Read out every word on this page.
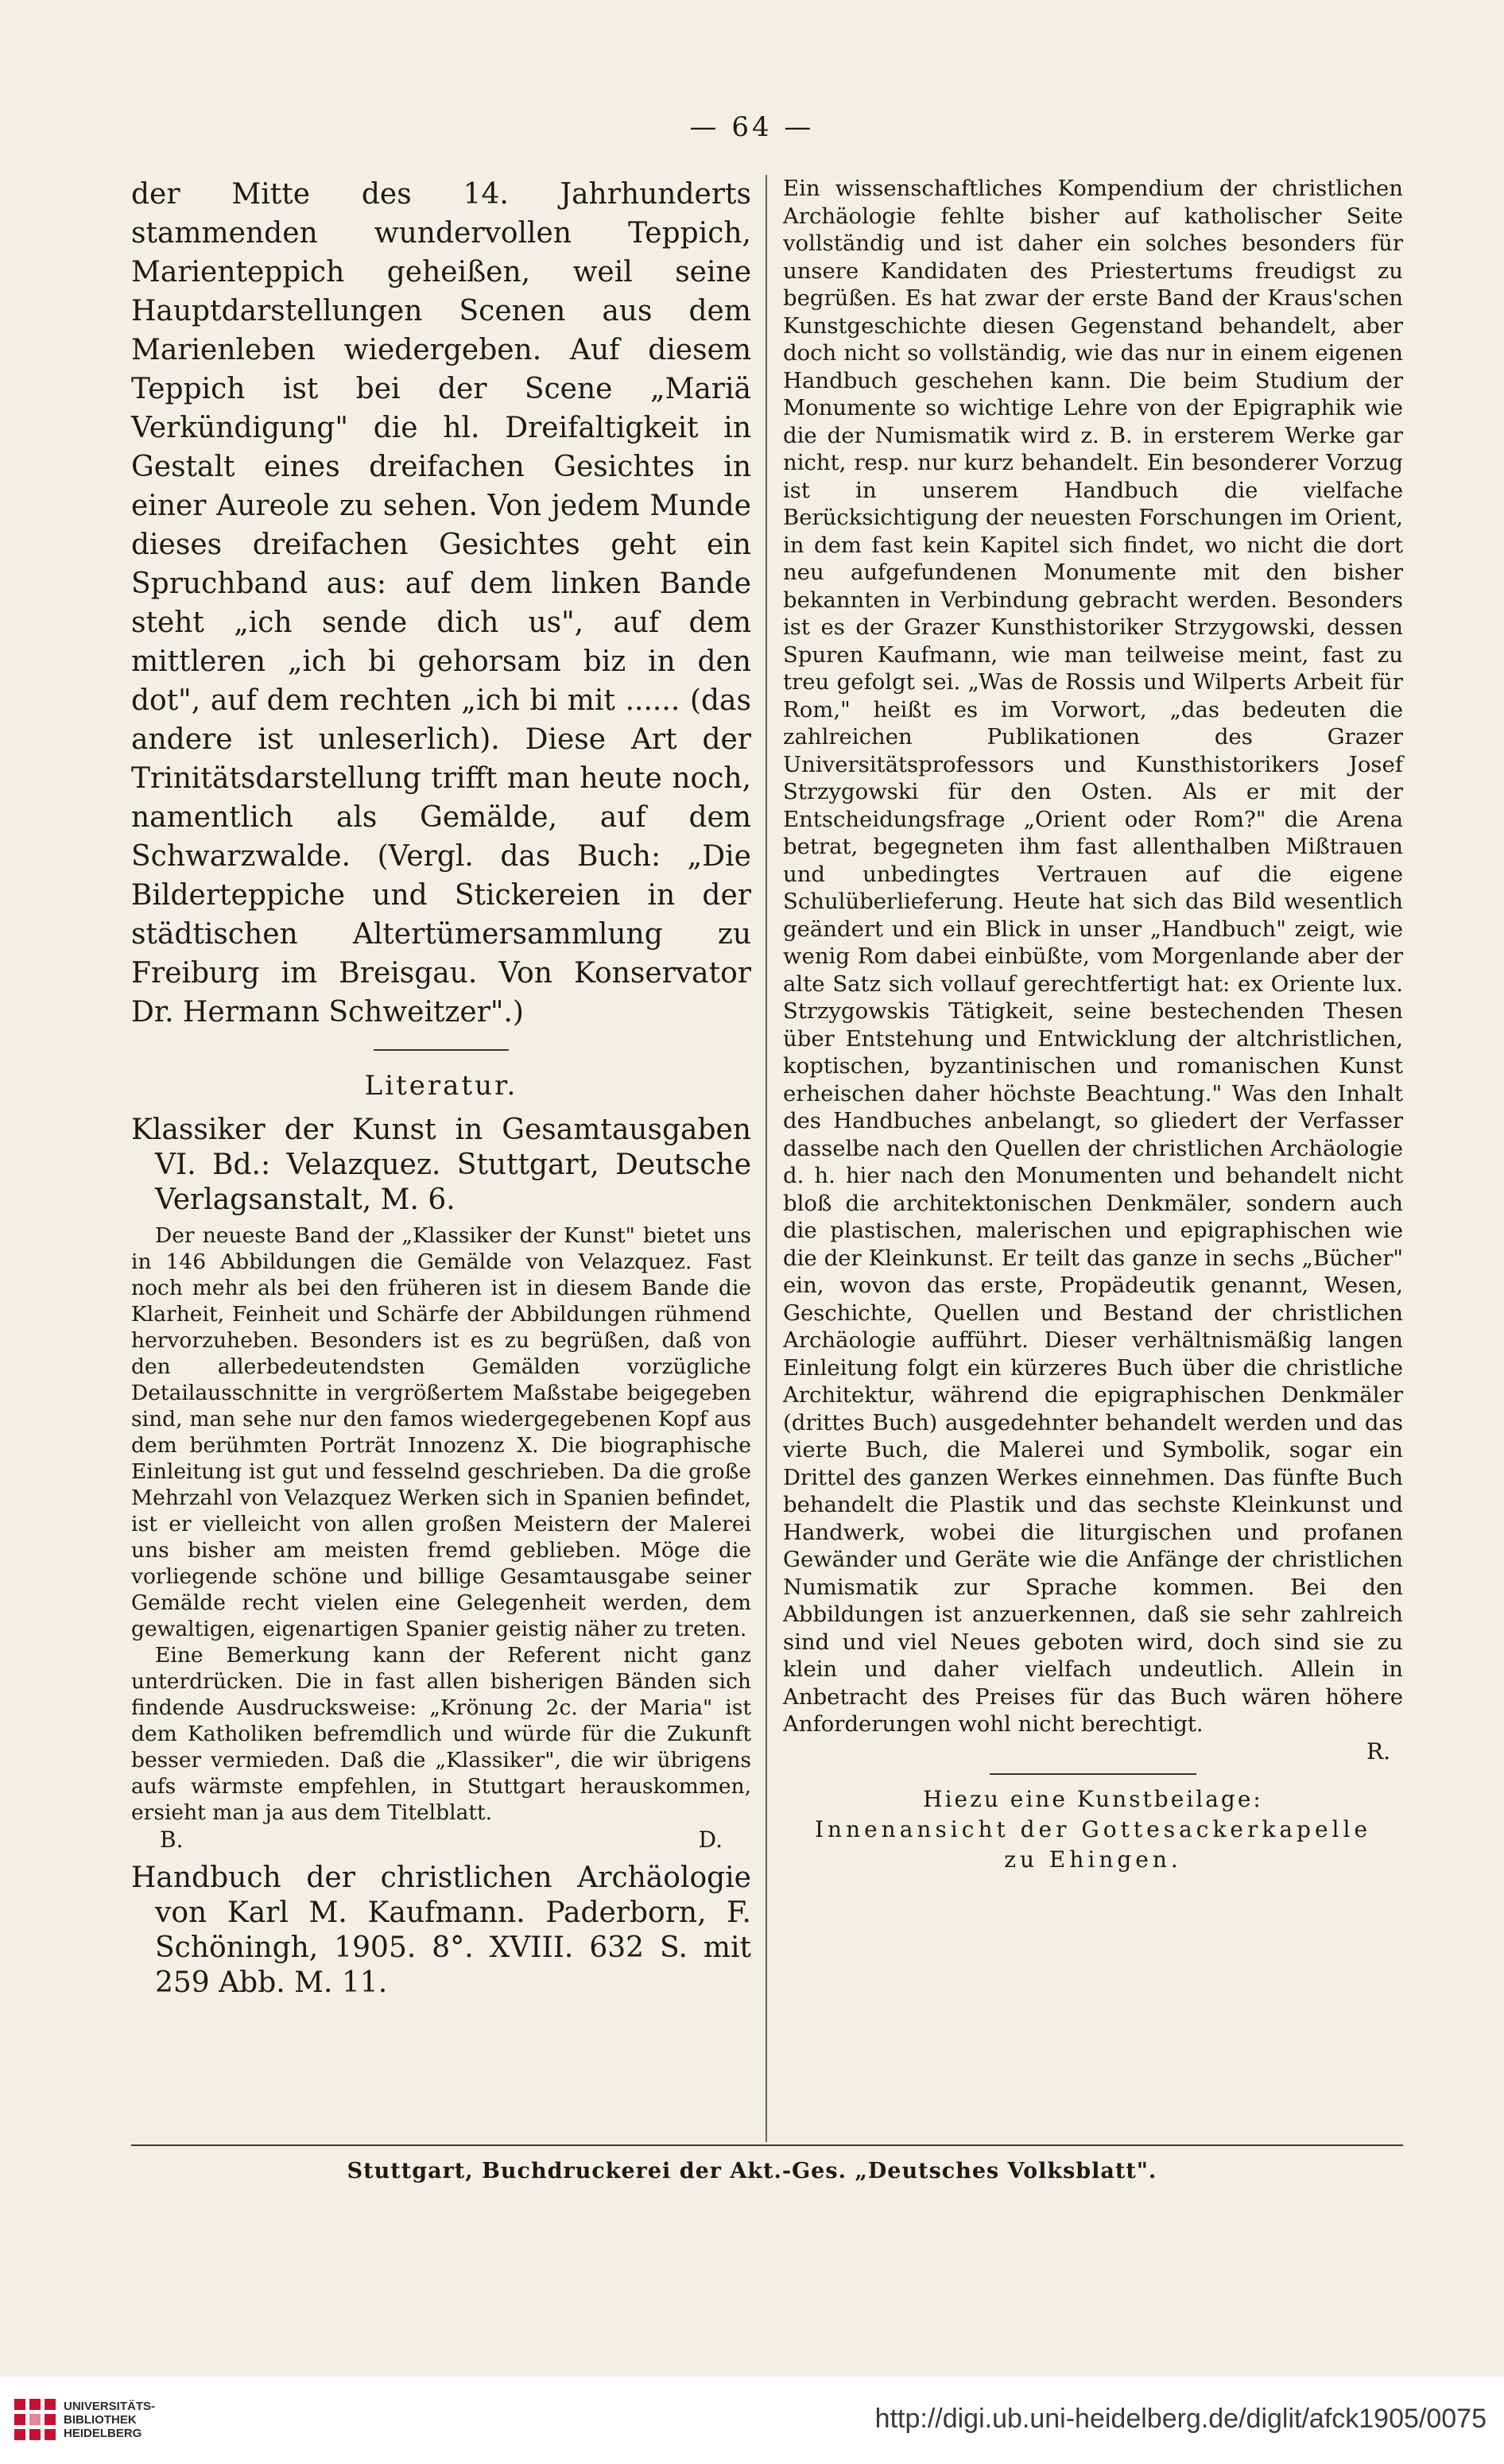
— 64 —

der Mitte des 14. Jahrhunderts stammenden wundervollen Teppich, Marienteppich geheißen, weil seine Hauptdarstellungen Scenen aus dem Marienleben wiedergeben. Auf diesem Teppich ist bei der Scene „Mariä Verkündigung" die hl. Dreifaltigkeit in Gestalt eines dreifachen Gesichtes in einer Aureole zu sehen. Von jedem Munde dieses dreifachen Gesichtes geht ein Spruchband aus: auf dem linken Bande steht „ich sende dich us", auf dem mittleren „ich bi gehorsam biz in den dot", auf dem rechten „ich bi mit ...... (das andere ist unleserlich). Diese Art der Trinitätsdarstellung trifft man heute noch, namentlich als Gemälde, auf dem Schwarzwalde. (Vergl. das Buch: „Die Bilderteppiche und Stickereien in der städtischen Altertümersammlung zu Freiburg im Breisgau. Von Konservator Dr. Hermann Schweitzer".)

Literatur.

Klassiker der Kunst in Gesamtausgaben VI. Bd.: Velazquez. Stuttgart, Deutsche Verlagsanstalt, M. 6.

Der neueste Band der „Klassiker der Kunst" bietet uns in 146 Abbildungen die Gemälde von Velazquez. Fast noch mehr als bei den früheren ist in diesem Bande die Klarheit, Feinheit und Schärfe der Abbildungen rühmend hervorzuheben. Besonders ist es zu begrüßen, daß von den allerbedeutendsten Gemälden vorzügliche Detailausschnitte in vergrößertem Maßstabe beigegeben sind, man sehe nur den famos wiedergegebenen Kopf aus dem berühmten Porträt Innozenz X. Die biographische Einleitung ist gut und fesselnd geschrieben. Da die große Mehrzahl von Velazquez Werken sich in Spanien befindet, ist er vielleicht von allen großen Meistern der Malerei uns bisher am meisten fremd geblieben. Möge die vorliegende schöne und billige Gesamtausgabe seiner Gemälde recht vielen eine Gelegenheit werden, dem gewaltigen, eigenartigen Spanier geistig näher zu treten.

Eine Bemerkung kann der Referent nicht ganz unterdrücken. Die in fast allen bisherigen Bänden sich findende Ausdrucksweise: „Krönung 2c. der Maria" ist dem Katholiken befremdlich und würde für die Zukunft besser vermieden. Daß die „Klassiker", die wir übrigens aufs wärmste empfehlen, in Stuttgart herauskommen, ersieht man ja aus dem Titelblatt.

B.	D.

Handbuch der christlichen Archäologie von Karl M. Kaufmann. Paderborn, F. Schöningh, 1905. 8°. XVIII. 632 S. mit 259 Abb. M. 11.

Ein wissenschaftliches Kompendium der christlichen Archäologie fehlte bisher auf katholischer Seite vollständig und ist daher ein solches besonders für unsere Kandidaten des Priestertums freudigst zu begrüßen. Es hat zwar der erste Band der Kraus'schen Kunstgeschichte diesen Gegenstand behandelt, aber doch nicht so vollständig, wie das nur in einem eigenen Handbuch geschehen kann. Die beim Studium der Monumente so wichtige Lehre von der Epigraphik wie die der Numismatik wird z. B. in ersterem Werke gar nicht, resp. nur kurz behandelt. Ein besonderer Vorzug ist in unserem Handbuch die vielfache Berücksichtigung der neuesten Forschungen im Orient, in dem fast kein Kapitel sich findet, wo nicht die dort neu aufgefundenen Monumente mit den bisher bekannten in Verbindung gebracht werden. Besonders ist es der Grazer Kunsthistoriker Strzygowski, dessen Spuren Kaufmann, wie man teilweise meint, fast zu treu gefolgt sei. „Was de Rossis und Wilperts Arbeit für Rom," heißt es im Vorwort, „das bedeuten die zahlreichen Publikationen des Grazer Universitätsprofessors und Kunsthistorikers Josef Strzygowski für den Osten. Als er mit der Entscheidungsfrage „Orient oder Rom?" die Arena betrat, begegneten ihm fast allenthalben Mißtrauen und unbedingtes Vertrauen auf die eigene Schulüberlieferung. Heute hat sich das Bild wesentlich geändert und ein Blick in unser „Handbuch" zeigt, wie wenig Rom dabei einbüßte, vom Morgenlande aber der alte Satz sich vollauf gerechtfertigt hat: ex Oriente lux. Strzygowskis Tätigkeit, seine bestechenden Thesen über Entstehung und Entwicklung der altchristlichen, koptischen, byzantinischen und romanischen Kunst erheischen daher höchste Beachtung." Was den Inhalt des Handbuches anbelangt, so gliedert der Verfasser dasselbe nach den Quellen der christlichen Archäologie d. h. hier nach den Monumenten und behandelt nicht bloß die architektonischen Denkmäler, sondern auch die plastischen, malerischen und epigraphischen wie die der Kleinkunst. Er teilt das ganze in sechs „Bücher" ein, wovon das erste, Propädeutik genannt, Wesen, Geschichte, Quellen und Bestand der christlichen Archäologie aufführt. Dieser verhältnismäßig langen Einleitung folgt ein kürzeres Buch über die christliche Architektur, während die epigraphischen Denkmäler (drittes Buch) ausgedehnter behandelt werden und das vierte Buch, die Malerei und Symbolik, sogar ein Drittel des ganzen Werkes einnehmen. Das fünfte Buch behandelt die Plastik und das sechste Kleinkunst und Handwerk, wobei die liturgischen und profanen Gewänder und Geräte wie die Anfänge der christlichen Numismatik zur Sprache kommen. Bei den Abbildungen ist anzuerkennen, daß sie sehr zahlreich sind und viel Neues geboten wird, doch sind sie zu klein und daher vielfach undeutlich. Allein in Anbetracht des Preises für das Buch wären höhere Anforderungen wohl nicht berechtigt.

R.
Hiezu eine Kunstbeilage:
Innenansicht der Gottesackerkapelle
zu Ehingen.
Stuttgart, Buchdruckerei der Akt.-Ges. „Deutsches Volksblatt".
UNIVERSITÄTS-
BIBLIOTHEK
HEIDELBERG	http://digi.ub.uni-heidelberg.de/diglit/afck1905/0075
